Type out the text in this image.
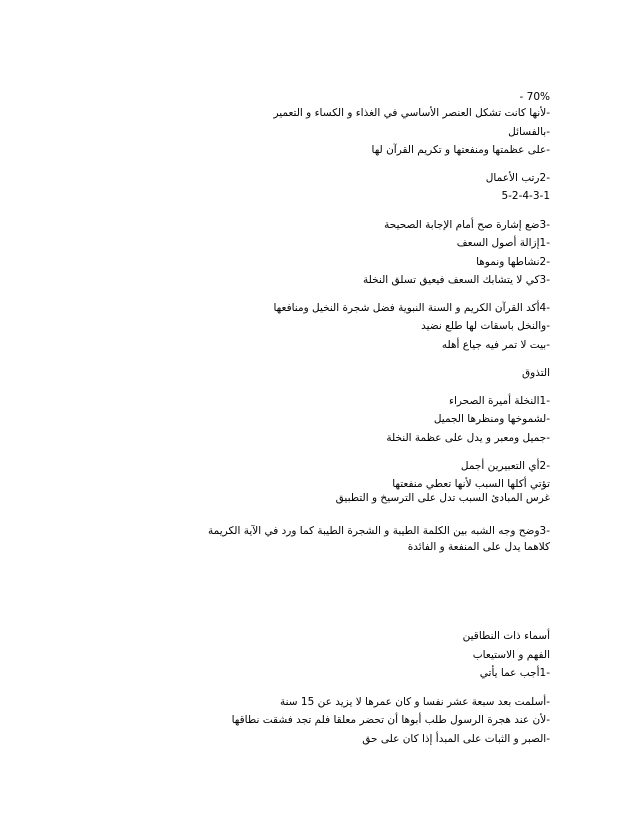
- 70%
-لأنها كانت تشكل العنصر الأساسي في الغذاء و الكساء و التعمير
-بالفسائل
-على عظمتها ومنفعتها و تكريم القرآن لها
-2رتب الأعمال
5-2-4-3-1
-3ضع إشارة صح أمام الإجابة الصحيحة
-1إزالة أصول السعف
-2نشاطها ونموها
-3كي لا يتشابك السعف فيعيق تسلق النخلة
-4أكد القرآن الكريم و السنة النبوية فضل شجرة النخيل ومنافعها
-والنخل باسقات لها طلع نضيد
-بيت لا تمر فيه جياع أهله
التذوق
-1النخلة أميرة الصحراء
-لشموخها ومنظرها الجميل
-جميل ومعبر و يدل على عظمة النخلة
-2أي التعبيرين أجمل
تؤتي أكلها السبب لأنها تعطي منفعتها
غرس المبادئ السبب تدل على الترسيخ و التطبيق
-3وضح وجه الشبه بين الكلمة الطيبة و الشجرة الطيبة كما ورد في الآية الكريمة
كلاهما يدل على المنفعة و الفائدة
أسماء ذات النطاقين
الفهم و الاستيعاب
-1أجب عما يأتي
-أسلمت بعد سبعة عشر نفسا و كان عمرها لا يزيد عن 15 سنة
-لأن عند هجرة الرسول طلب أبوها أن تحضر معلقا فلم تجد فشقت نطاقها
-الصبر و الثبات على المبدأ إذا كان على حق
